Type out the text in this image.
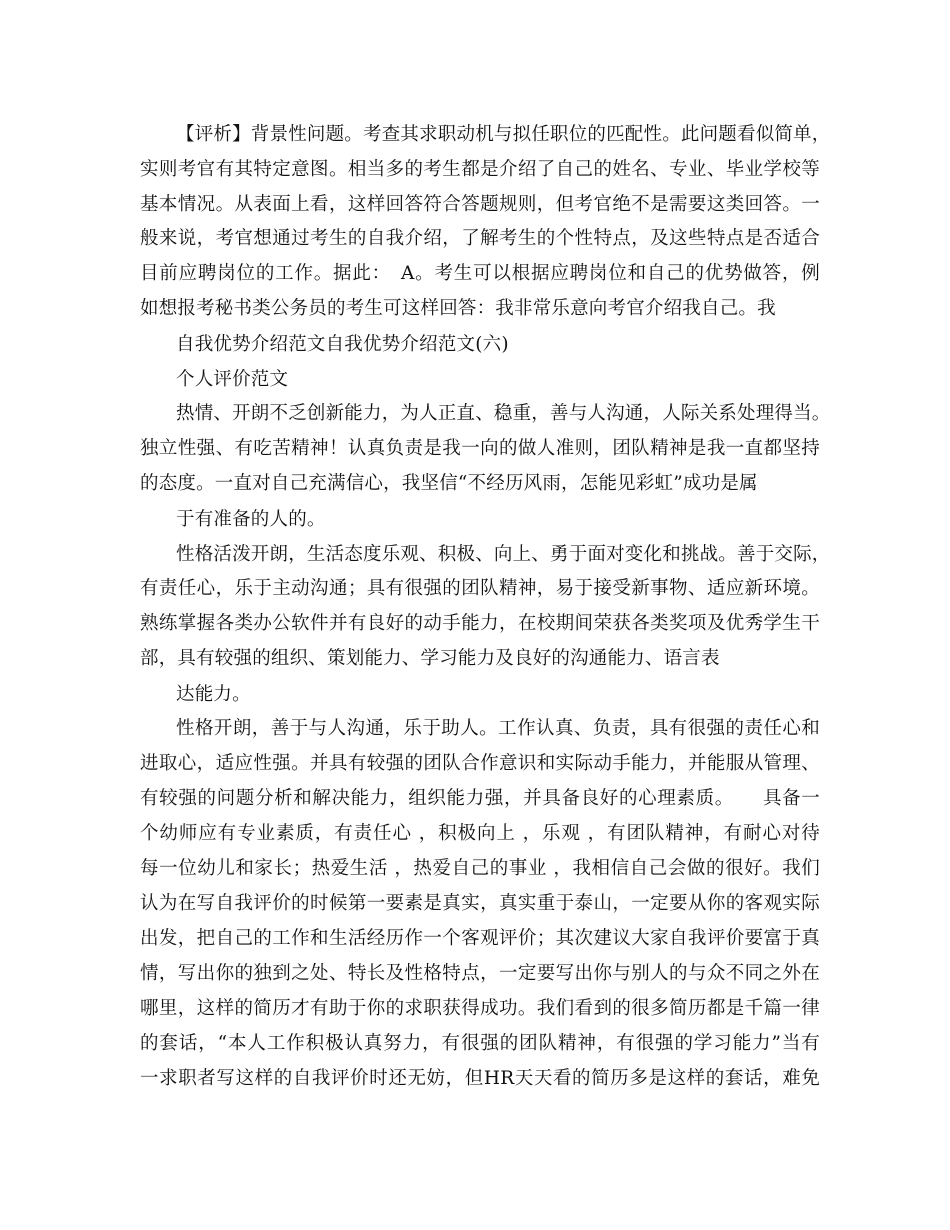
【评析】背景性问题。考查其求职动机与拟任职位的匹配性。此问题看似简单，
实则考官有其特定意图。相当多的考生都是介绍了自己的姓名、专业、毕业学校等
基本情况。从表面上看，这样回答符合答题规则，但考官绝不是需要这类回答。一
般来说，考官想通过考生的自我介绍，了解考生的个性特点，及这些特点是否适合
目前应聘岗位的工作。据此：　A。考生可以根据应聘岗位和自己的优势做答，例
如想报考秘书类公务员的考生可这样回答：我非常乐意向考官介绍我自己。我
自我优势介绍范文自我优势介绍范文(六)
个人评价范文
热情、开朗不乏创新能力，为人正直、稳重，善与人沟通，人际关系处理得当。
独立性强、有吃苦精神！认真负责是我一向的做人准则，团队精神是我一直都坚持
的态度。一直对自己充满信心，我坚信“不经历风雨，怎能见彩虹”成功是属
于有准备的人的。
性格活泼开朗，生活态度乐观、积极、向上、勇于面对变化和挑战。善于交际，
有责任心，乐于主动沟通；具有很强的团队精神，易于接受新事物、适应新环境。
熟练掌握各类办公软件并有良好的动手能力，在校期间荣获各类奖项及优秀学生干
部，具有较强的组织、策划能力、学习能力及良好的沟通能力、语言表
达能力。
性格开朗，善于与人沟通，乐于助人。工作认真、负责，具有很强的责任心和
进取心，适应性强。并具有较强的团队合作意识和实际动手能力，并能服从管理、
有较强的问题分析和解决能力，组织能力强，并具备良好的心理素质。　　具备一
个幼师应有专业素质，有责任心 ，积极向上 ，乐观 ，有团队精神，有耐心对待
每一位幼儿和家长；热爱生活 ，热爱自己的事业 ，我相信自己会做的很好。我们
认为在写自我评价的时候第一要素是真实，真实重于泰山，一定要从你的客观实际
出发，把自己的工作和生活经历作一个客观评价；其次建议大家自我评价要富于真
情，写出你的独到之处、特长及性格特点，一定要写出你与别人的与众不同之外在
哪里，这样的简历才有助于你的求职获得成功。我们看到的很多简历都是千篇一律
的套话，“本人工作积极认真努力，有很强的团队精神，有很强的学习能力”当有
一求职者写这样的自我评价时还无妨，但HR天天看的简历多是这样的套话，难免
